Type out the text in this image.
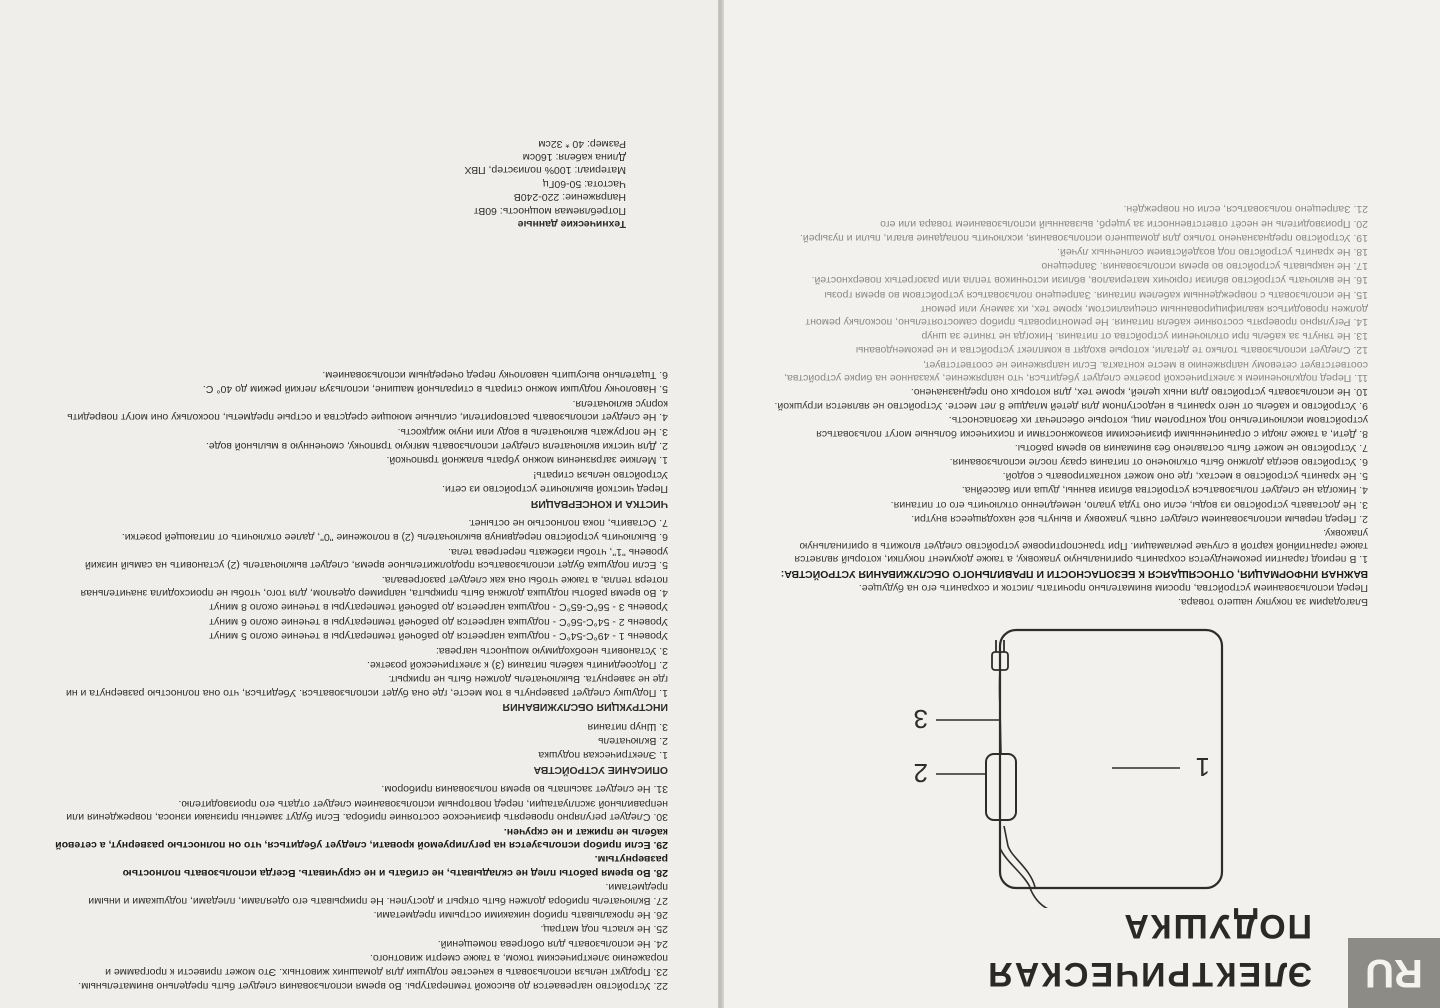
RU
ЭЛЕКТРИЧЕСКАЯ ПОДУШКА
1
2
3

Благодарим за покупку нашего товара.

Перед использованием устройства, просим внимательно прочитать листок и сохранить его на будущее.

ВАЖНАЯ ИНФОРМАЦИЯ, ОТНОСЯЩАЯСЯ К БЕЗОПАСНОСТИ И ПРАВИЛЬНОГО ОБСЛУЖИВАНИЯ УСТРОЙСТВА:

1. В период гарантии рекомендуется сохранить оригинальную упаковку, а также документ покупки, который является также гарантийной картой в случае рекламации. При транспортировке устройство следует вложить в оригинальную упаковку.

2. Перед первым использованием следует снять упаковку и вынуть всё находящееся внутри.

3. Не доставать устройство из воды, если оно туда упало, немедленно отключить его от питания.

4. Никогда не следует пользоваться устройства вблизи ванны, душа или бассейна.

5. Не хранить устройство в местах, где оно может контактировать с водой.

6. Устройство всегда должно быть отключено от питания сразу после использования.

7. Устройство не может быть оставлено без внимания во время работы.

8. Дети, а также люди с ограниченными физическими возможностями и психически больные могут пользоваться устройством исключительно под контролем лиц, которые обеспечат их безопасность.

9. Устройство и кабель от него хранить в недоступном для детей младше 8 лет месте. Устройство не является игрушкой.

10. Не использовать устройство для иных целей, кроме тех, для которых оно предназначено.

11. Перед подключением к электрической розетке следует убедиться, что напряжение, указанное на бирке устройства, соответствует сетевому напряжению в месте контакта. Если напряжение не соответствует,

12. Следует использовать только те детали, которые входят в комплект устройства и не рекомендованы

13. Не тянуть за кабель при отключении устройства от питания. Никогда не тяните за шнур

14. Регулярно проверять состояние кабеля питания. Не ремонтировать прибор самостоятельно, поскольку ремонт должен проводиться квалифицированным специалистом, кроме тех, их замену или ремонт

15. Не использовать с поврежденным кабелем питания. Запрещено пользоваться устройством во время грозы

16. Не включать устройство вблизи горючих материалов, вблизи источников тепла или разогретых поверхностей.

17. Не накрывать устройство во время использования. Запрещено

18. Не хранить устройство под воздействием солнечных лучей.

19. Устройство предназначено только для домашнего использования, исключить попадание влаги, пыли и пузырей.

20. Производитель не несёт ответственности за ущерб, вызванный использованием товара или его

21. Запрещено пользоваться, если он повреждён.

22. Устройство нагревается до высокой температуры. Во время использования следует быть предельно внимательным.

23. Продукт нельзя использовать в качестве подушки для домашних животных. Это может привести к программе и поражению электрическим током, а также смерти животного.

24. Не использовать для обогрева помещений.

25. Не класть под матрац.

26. Не прокалывать прибор никакими острыми предметами.

27. Включатель прибора должен быть открыт и доступен. Не прикрывать его одеялами, пледами, подушками и иными предметами.

28. Во время работы плед не складывать, не сгибать и не скручивать. Всегда использовать полностью развернутым.

29. Если прибор используется на регулируемой кровати, следует убедиться, что он полностью развернут, а сетевой кабель не прижат и не скручен.

30. Следует регулярно проверять физическое состояние прибора. Если будут заметны признаки износа, повреждения или неправильной эксплуатации, перед повторным использованием следует отдать его производителю.

31. Не следует засыпать во время пользования прибором.

ОПИСАНИЕ УСТРОЙСТВА

1. Электрическая подушка

2. Включатель

3. Шнур питания

ИНСТРУКЦИЯ ОБСЛУЖИВАНИЯ

1. Подушку следует развернуть в том месте, где она будет использоваться. Убедиться, что она полностью развернута и ни где не завернута. Выключатель должен быть не прикрыт.

2. Подсоединить кабель питания (3) к электрической розетке.

3. Установить необходимую мощность нагрева:

Уровень 1 - 49°C-54°C - подушка нагреется до рабочей температуры в течение около 5 минут

Уровень 2 - 54°C-56°C - подушка нагреется до рабочей температуры в течение около 6 минут

Уровень 3 - 56°C-65°C - подушка нагреется до рабочей температуры в течение около 8 минут

4. Во время работы подушка должна быть прикрыта, например одеялом, для того, чтобы не происходила значительная потеря тепла, а также чтобы она как следует разогревала.

5. Если подушка будет использоваться продолжительное время, следует выключатель (2) установить на самый низкий уровень "1", чтобы избежать перегрева тела.

6. Выключить устройство передвинув выключатель (2) в положение "0", далее отключить от питающей розетки.

7. Оставить, пока полностью не остынет.

ЧИСТКА И КОНСЕРВАЦИЯ

Перед чисткой выключите устройство из сети.

Устройство нельзя стирать!

1. Мелкие загрязнения можно убрать влажной тряпочкой.

2. Для чистки включателя следует использовать мягкую тряпочку, смоченную в мыльной воде.

3. Не погружать включатель в воду или иную жидкость.

4. Не следует использовать растворители, сильные моющие средства и острые предметы, поскольку они могут повредить корпус включателя.

5. Наволочку подушки можно стирать в стиральной машине, используя легкий режим до 40° С.

6. Тщательно высушить наволочку перед очередным использованием.

Технические данные

Потребляемая мощность: 60Вт

Напряжение: 220-240В

Частота: 50-60Гц

Материал: 100% полиэстер, ПВХ

Длина кабеля: 160см

Размер: 40 * 32см
